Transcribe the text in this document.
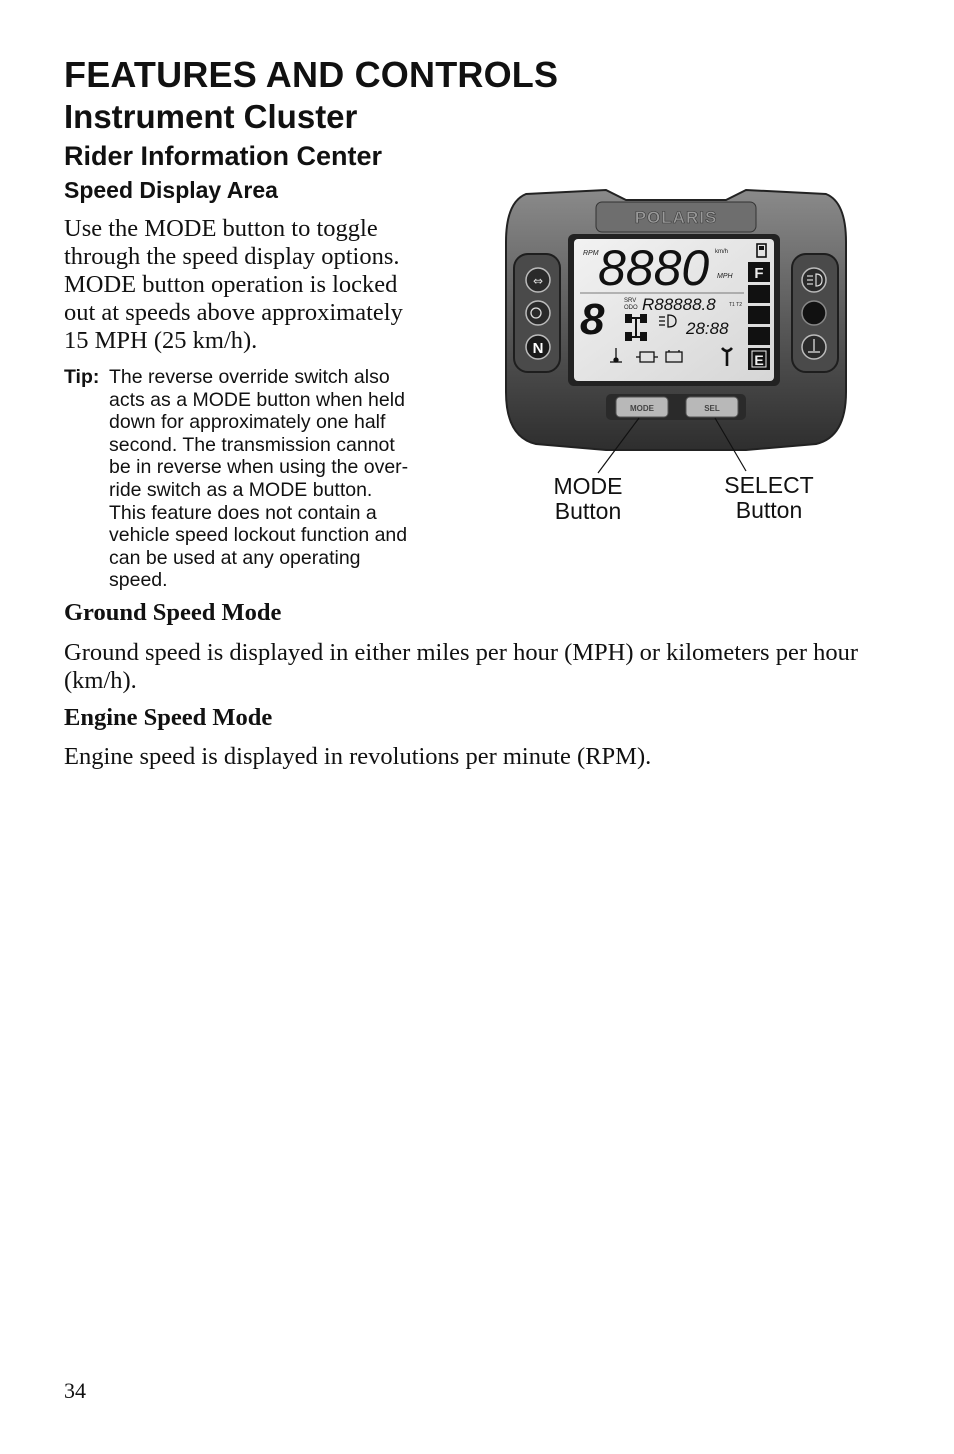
FEATURES AND CONTROLS
Instrument Cluster
Rider Information Center
Speed Display Area

Use the MODE button to toggle
through the speed display options.
MODE button operation is locked
out at speeds above approximately
15 MPH (25 km/h).

Tip: The reverse override switch also
acts as a MODE button when held
down for approximately one half
second. The transmission cannot
be in reverse when using the over-
ride switch as a MODE button.
This feature does not contain a
vehicle speed lockout function and
can be used at any operating
speed.
POLARIS
RPM 8880 km/h
MPH F
E
8	SRV
ODO R88888.8	T1 T2
28:88
⇔
N
MODE	SEL
MODE
Button
SELECT
Button
Ground Speed Mode

Ground speed is displayed in either miles per hour (MPH) or kilometers per hour (km/h).

Engine Speed Mode

Engine speed is displayed in revolutions per minute (RPM).

34
